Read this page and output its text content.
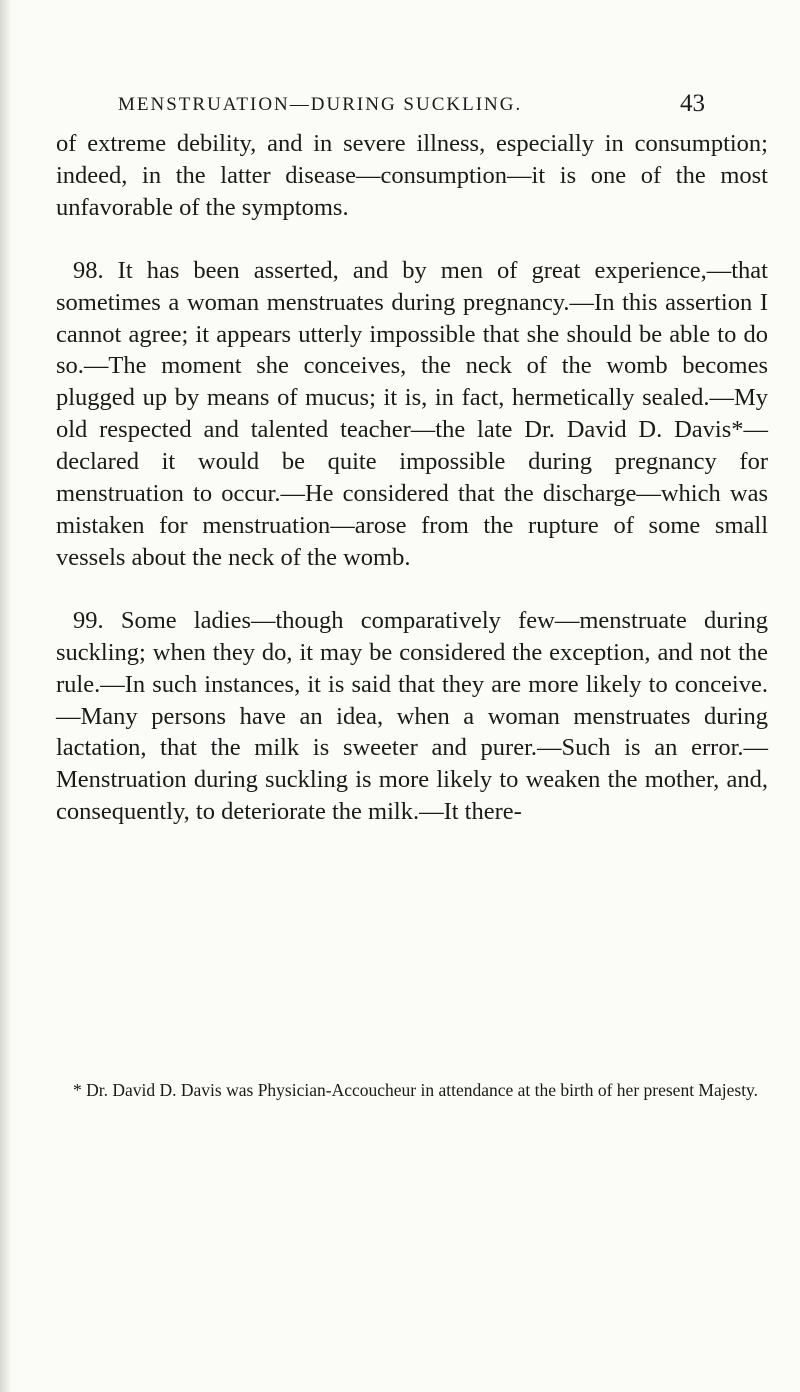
MENSTRUATION—DURING SUCKLING.	43

of extreme debility, and in severe illness, especially in consumption; indeed, in the latter disease—consumption—it is one of the most unfavorable of the symptoms.

98. It has been asserted, and by men of great experience,—that sometimes a woman menstruates during pregnancy.—In this assertion I cannot agree; it appears utterly impossible that she should be able to do so.—The moment she conceives, the neck of the womb becomes plugged up by means of mucus; it is, in fact, hermetically sealed.—My old respected and talented teacher—the late Dr. David D. Davis*—declared it would be quite impossible during pregnancy for menstruation to occur.—He considered that the discharge—which was mistaken for menstruation—arose from the rupture of some small vessels about the neck of the womb.

99. Some ladies—though comparatively few—menstruate during suckling; when they do, it may be considered the exception, and not the rule.—In such instances, it is said that they are more likely to conceive.—Many persons have an idea, when a woman menstruates during lactation, that the milk is sweeter and purer.—Such is an error.—Menstruation during suckling is more likely to weaken the mother, and, consequently, to deteriorate the milk.—It there-

* Dr. David D. Davis was Physician-Accoucheur in attendance at the birth of her present Majesty.
